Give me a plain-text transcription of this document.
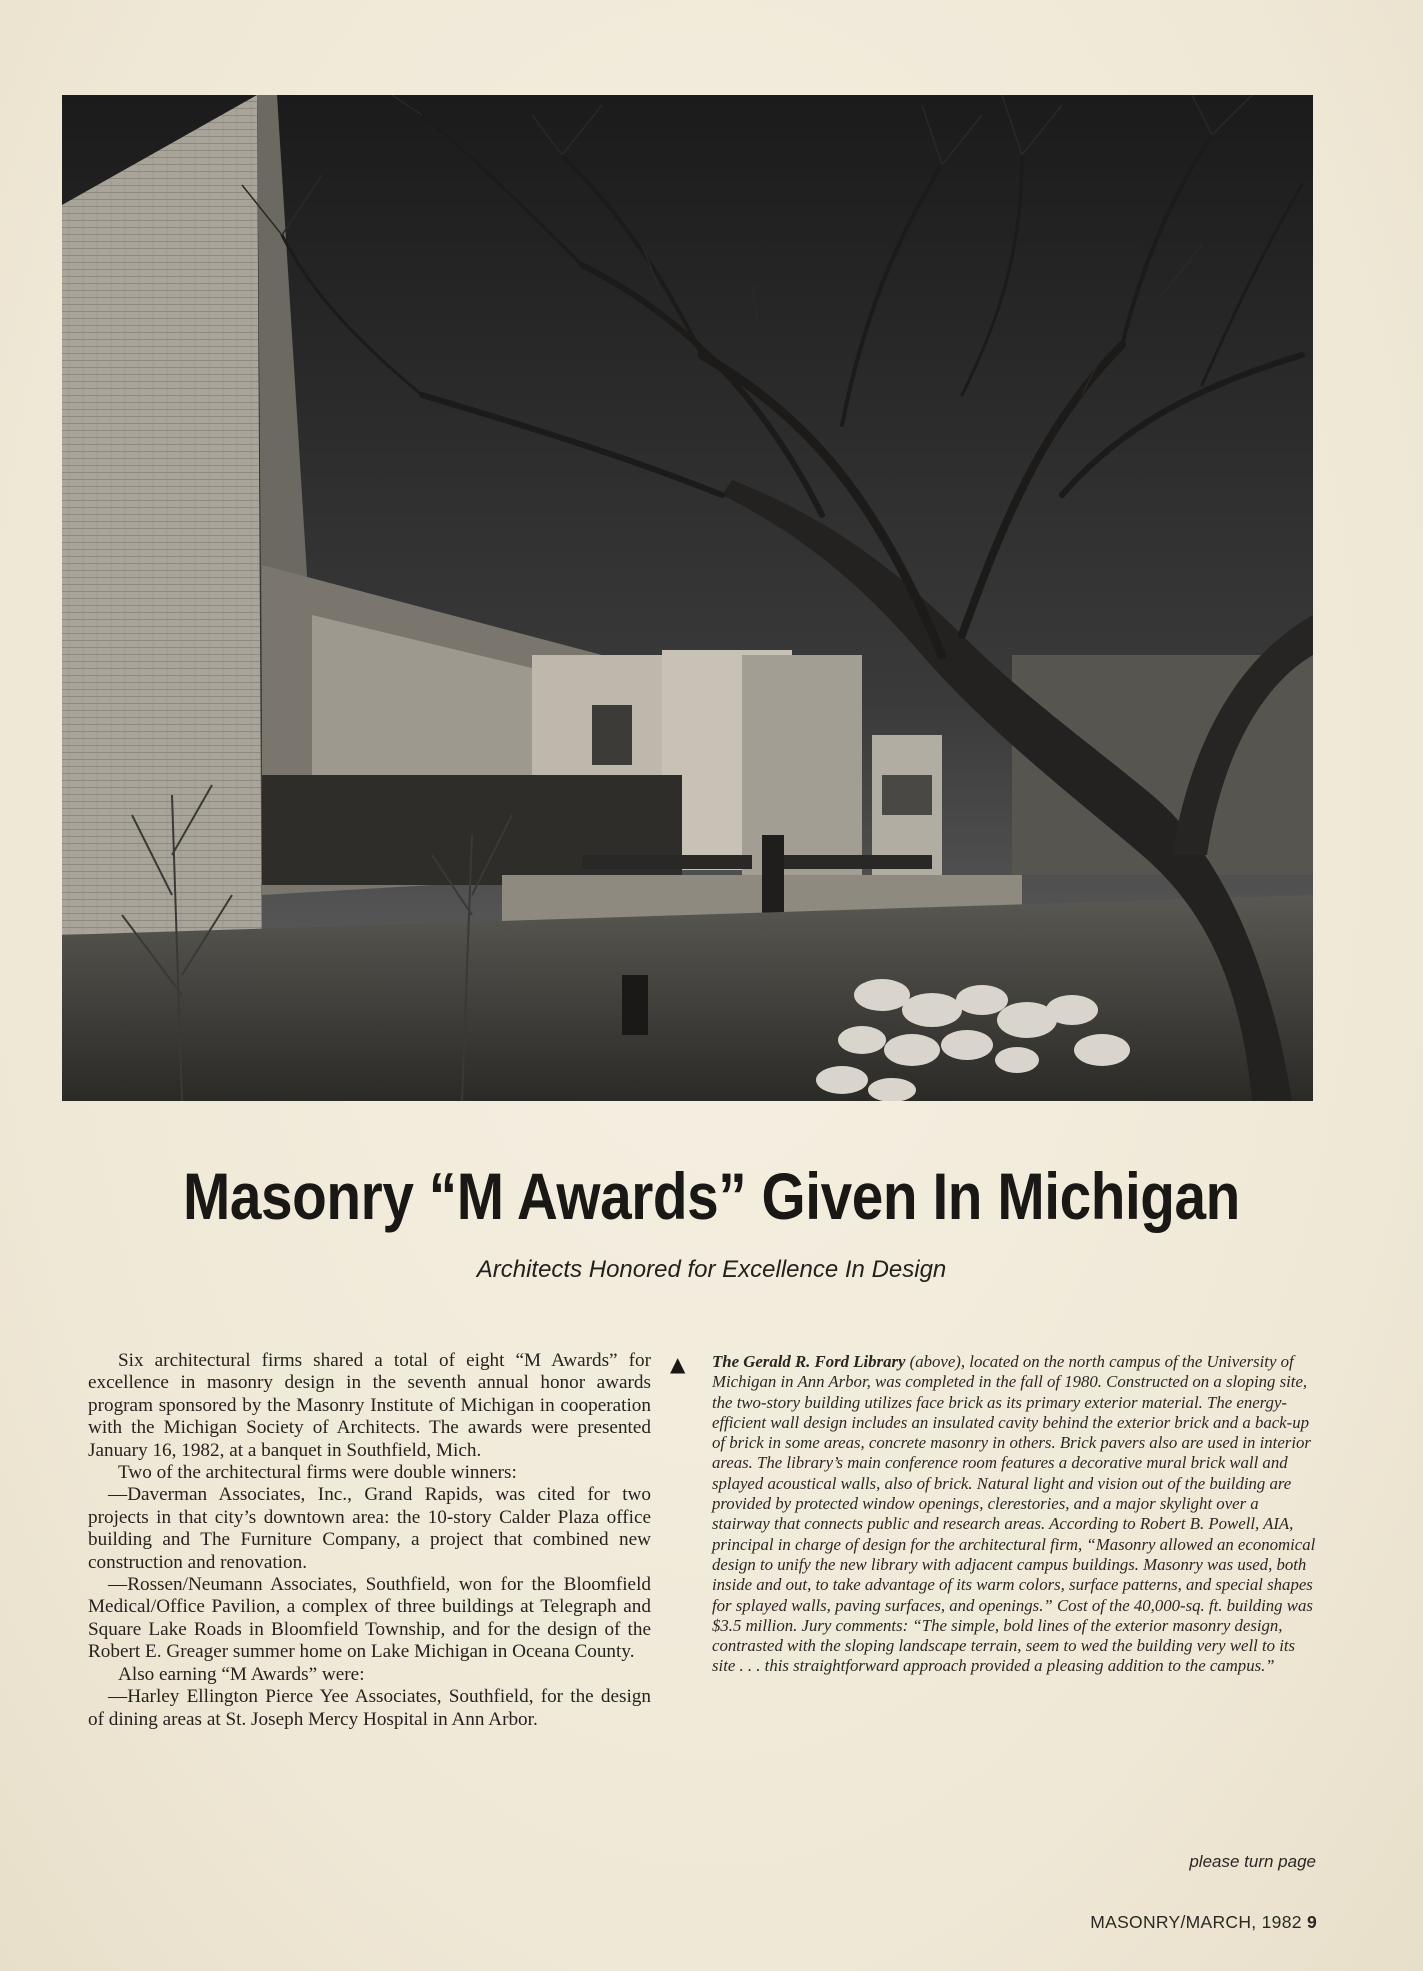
Masonry “M Awards” Given In Michigan
Architects Honored for Excellence In Design

Six architectural firms shared a total of eight “M Awards” for excellence in masonry design in the seventh annual honor awards program sponsored by the Masonry Institute of Michigan in cooperation with the Michigan Society of Architects. The awards were presented January 16, 1982, at a banquet in Southfield, Mich.

Two of the architectural firms were double winners:

—Daverman Associates, Inc., Grand Rapids, was cited for two projects in that city’s downtown area: the 10-story Calder Plaza office building and The Furniture Company, a project that combined new construction and renovation.

—Rossen/Neumann Associates, Southfield, won for the Bloomfield Medical/Office Pavilion, a complex of three buildings at Telegraph and Square Lake Roads in Bloomfield Township, and for the design of the Robert E. Greager summer home on Lake Michigan in Oceana County.

Also earning “M Awards” were:

—Harley Ellington Pierce Yee Associates, Southfield, for the design of dining areas at St. Joseph Mercy Hospital in Ann Arbor.

▲ The Gerald R. Ford Library (above), located on the north campus of the University of Michigan in Ann Arbor, was completed in the fall of 1980. Constructed on a sloping site, the two-story building utilizes face brick as its primary exterior material. The energy-efficient wall design includes an insulated cavity behind the exterior brick and a back-up of brick in some areas, concrete masonry in others. Brick pavers also are used in interior areas. The library’s main conference room features a decorative mural brick wall and splayed acoustical walls, also of brick. Natural light and vision out of the building are provided by protected window openings, clerestories, and a major skylight over a stairway that connects public and research areas. According to Robert B. Powell, AIA, principal in charge of design for the architectural firm, “Masonry allowed an economical design to unify the new library with adjacent campus buildings. Masonry was used, both inside and out, to take advantage of its warm colors, surface patterns, and special shapes for splayed walls, paving surfaces, and openings.” Cost of the 40,000-sq. ft. building was $3.5 million. Jury comments: “The simple, bold lines of the exterior masonry design, contrasted with the sloping landscape terrain, seem to wed the building very well to its site . . . this straightforward approach provided a pleasing addition to the campus.”
please turn page
MASONRY/MARCH, 1982 9
